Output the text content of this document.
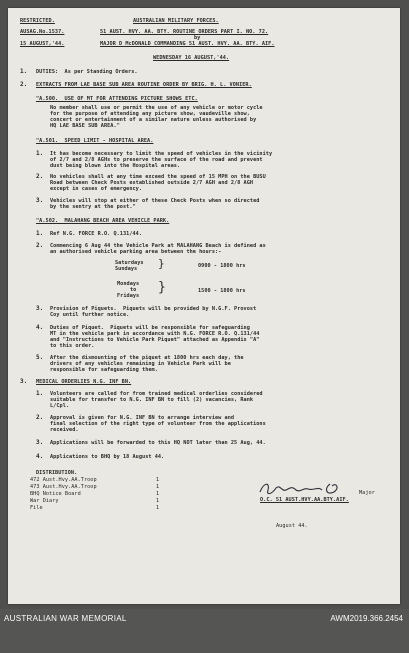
RESTRICTED.	AUSTRALIAN MILITARY FORCES.
AUSAG.No.1537.	51 AUST. HVY. AA. BTY. ROUTINE ORDERS PART I. NO. 72.
by
15 AUGUST,'44.	MAJOR D McDONALD COMMANDING 51 AUST. HVY. AA. BTY. AIF.
WEDNESDAY 16 AUGUST,'44.
1. DUTIES:  As per Standing Orders.
2. EXTRACTS FROM LAE BASE SUB AREA ROUTINE ORDER BY BRIG. H. L. VONIER.
"A.500.  USE OF MT FOR ATTENDING PICTURE SHOWS ETC.
No member shall use or permit the use of any vehicle or motor cycle
for the purpose of attending any picture show, vaudeville show,
concert or entertainment of a similar nature unless authorised by
HQ LAE BASE SUB AREA."
"A.501.  SPEED LIMIT - HOSPITAL AREA.
1. It has become necessary to limit the speed of vehicles in the vicinity
of 2/7 and 2/8 AGHs to preserve the surface of the road and prevent
dust being blown into the Hospital areas.
2. No vehicles shall at any time exceed the speed of 15 MPH on the BUSU
Road between Check Posts established outside 2/7 AGH and 2/8 AGH
except in cases of emergency.
3. Vehicles will stop at either of these Check Posts when so directed
by the sentry at the post."
"A.502.  MALAHANG BEACH AREA VEHICLE PARK.
1. Ref N.G. FORCE R.O. Q.131/44.
2. Commencing 6 Aug 44 the Vehicle Park at MALAHANG Beach is defined as
an authorised vehicle parking area between the hours:-
Saturdays
Sundays }	0900 - 1800 hrs
Mondays
to
Fridays
}	1500 - 1800 hrs
3. Provision of Piquets.  Piquets will be provided by N.G.F. Provost
Coy until further notice.
4. Duties of Piquet.  Piquets will be responsible for safeguarding
MT in the vehicle park in accordance with N.G. FORCE R.O. Q.131/44
and "Instructions to Vehicle Park Piquet" attached as Appendix "A"
to this order.
5. After the dismounting of the piquet at 1800 hrs each day, the
drivers of any vehicles remaining in Vehicle Park will be
responsible for safeguarding them.
3. MEDICAL ORDERLIES N.G. INF BN.
1. Volunteers are called for from trained medical orderlies considered
suitable for transfer to N.G. INF BN to fill (2) vacancies, Rank
L/Cpl.
2. Approval is given for N.G. INF BN to arrange interview and
final selection of the right type of volunteer from the applications
received.
3. Applications will be forwarded to this HQ NOT later than 25 Aug, 44.
4. Applications to BHQ by 18 August 44.
DISTRIBUTION.
472 Aust.Hvy.AA.Troop	1
473 Aust.Hvy.AA.Troop	1
BHQ Notice Board	1
War Diary	1
File	1
Major
O.C. 51 AUST.HVY.AA.BTY.AIF.
August 44.
AUSTRALIAN WAR MEMORIAL	AWM2019.366.2454
